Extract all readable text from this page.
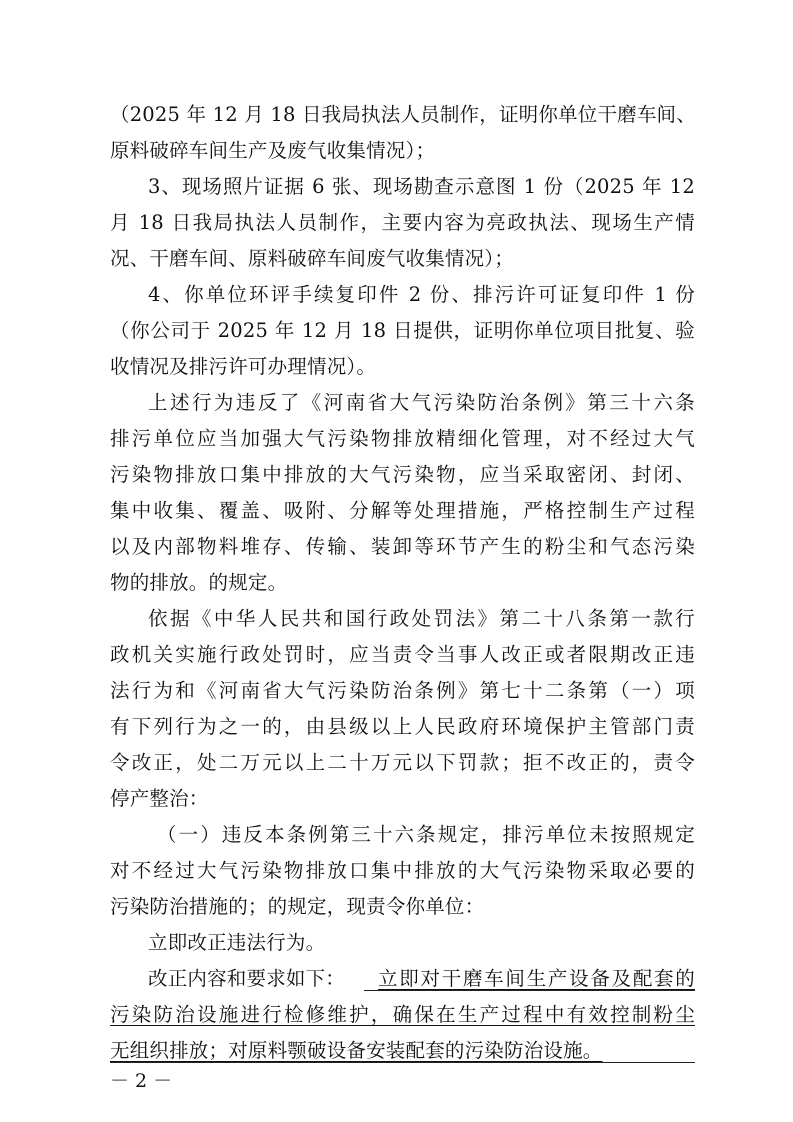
（2025 年 12 月 18 日我局执法人员制作，证明你单位干磨车间、
原料破碎车间生产及废气收集情况）；
3、现场照片证据 6 张、现场勘查示意图 1 份（2025 年 12
月 18 日我局执法人员制作，主要内容为亮政执法、现场生产情
况、干磨车间、原料破碎车间废气收集情况）；
4、你单位环评手续复印件 2 份、排污许可证复印件 1 份
（你公司于 2025 年 12 月 18 日提供，证明你单位项目批复、验
收情况及排污许可办理情况）。
上述行为违反了《河南省大气污染防治条例》第三十六条
排污单位应当加强大气污染物排放精细化管理，对不经过大气
污染物排放口集中排放的大气污染物，应当采取密闭、封闭、
集中收集、覆盖、吸附、分解等处理措施，严格控制生产过程
以及内部物料堆存、传输、装卸等环节产生的粉尘和气态污染
物的排放。的规定。
依据《中华人民共和国行政处罚法》第二十八条第一款行
政机关实施行政处罚时，应当责令当事人改正或者限期改正违
法行为和《河南省大气污染防治条例》第七十二条第（一）项
有下列行为之一的，由县级以上人民政府环境保护主管部门责
令改正，处二万元以上二十万元以下罚款；拒不改正的，责令
停产整治：
（一）违反本条例第三十六条规定，排污单位未按照规定
对不经过大气污染物排放口集中排放的大气污染物采取必要的
污染防治措施的；的规定，现责令你单位：
立即改正违法行为。
改正内容和要求如下： 立即对干磨车间生产设备及配套的
污染防治设施进行检修维护，确保在生产过程中有效控制粉尘
无组织排放；对原料颚破设备安装配套的污染防治设施。
－ 2 －
